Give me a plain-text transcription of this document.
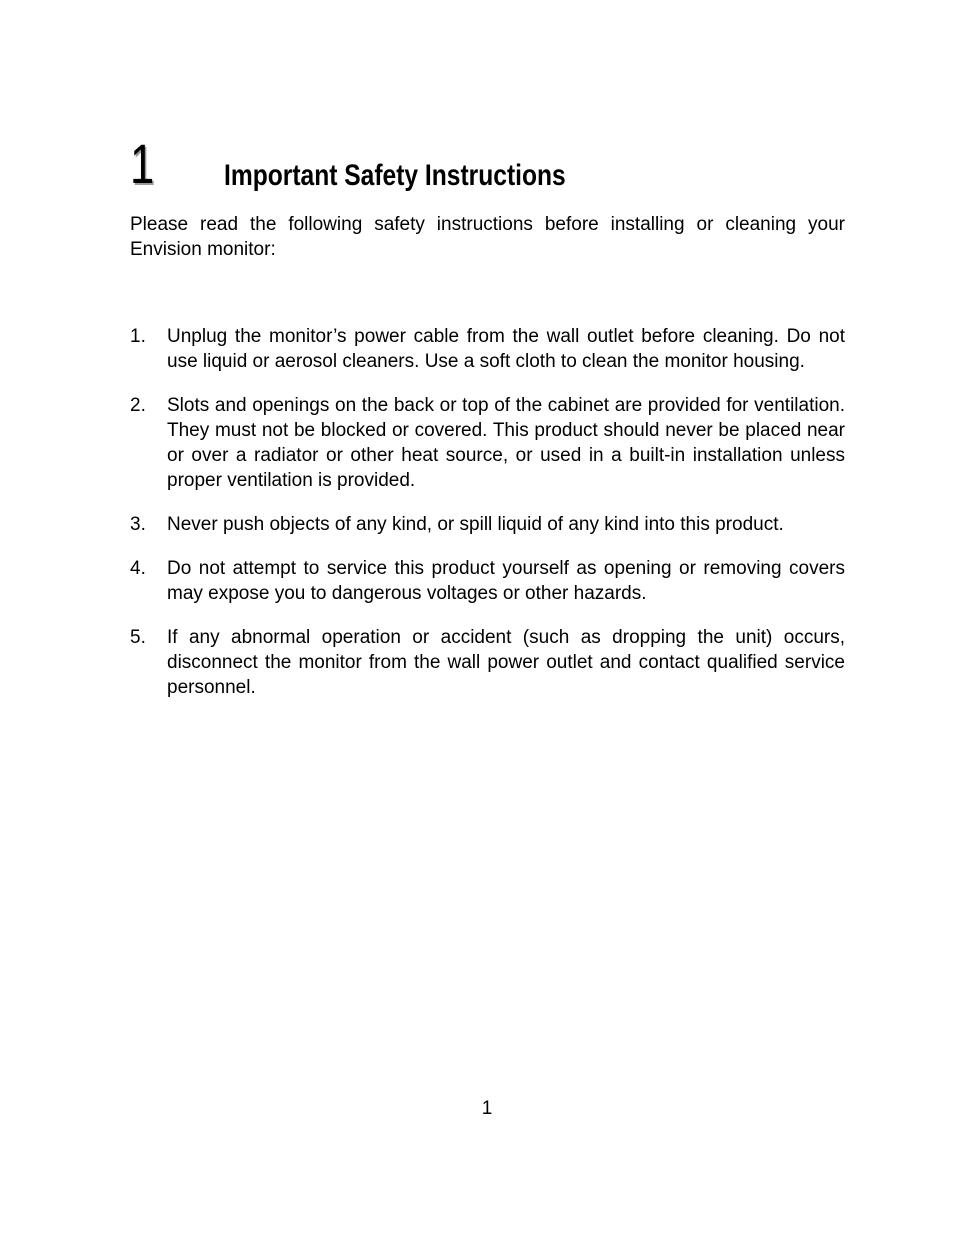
1 Important Safety Instructions

Please read the following safety instructions before installing or cleaning your Envision monitor:

1. Unplug the monitor’s power cable from the wall outlet before cleaning. Do not use liquid or aerosol cleaners. Use a soft cloth to clean the monitor housing.
2. Slots and openings on the back or top of the cabinet are provided for ventilation. They must not be blocked or covered. This product should never be placed near or over a radiator or other heat source, or used in a built-in installation unless proper ventilation is provided.
3. Never push objects of any kind, or spill liquid of any kind into this product.
4. Do not attempt to service this product yourself as opening or removing covers may expose you to dangerous voltages or other hazards.
5. If any abnormal operation or accident (such as dropping the unit) occurs, disconnect the monitor from the wall power outlet and contact qualified service personnel.
1
